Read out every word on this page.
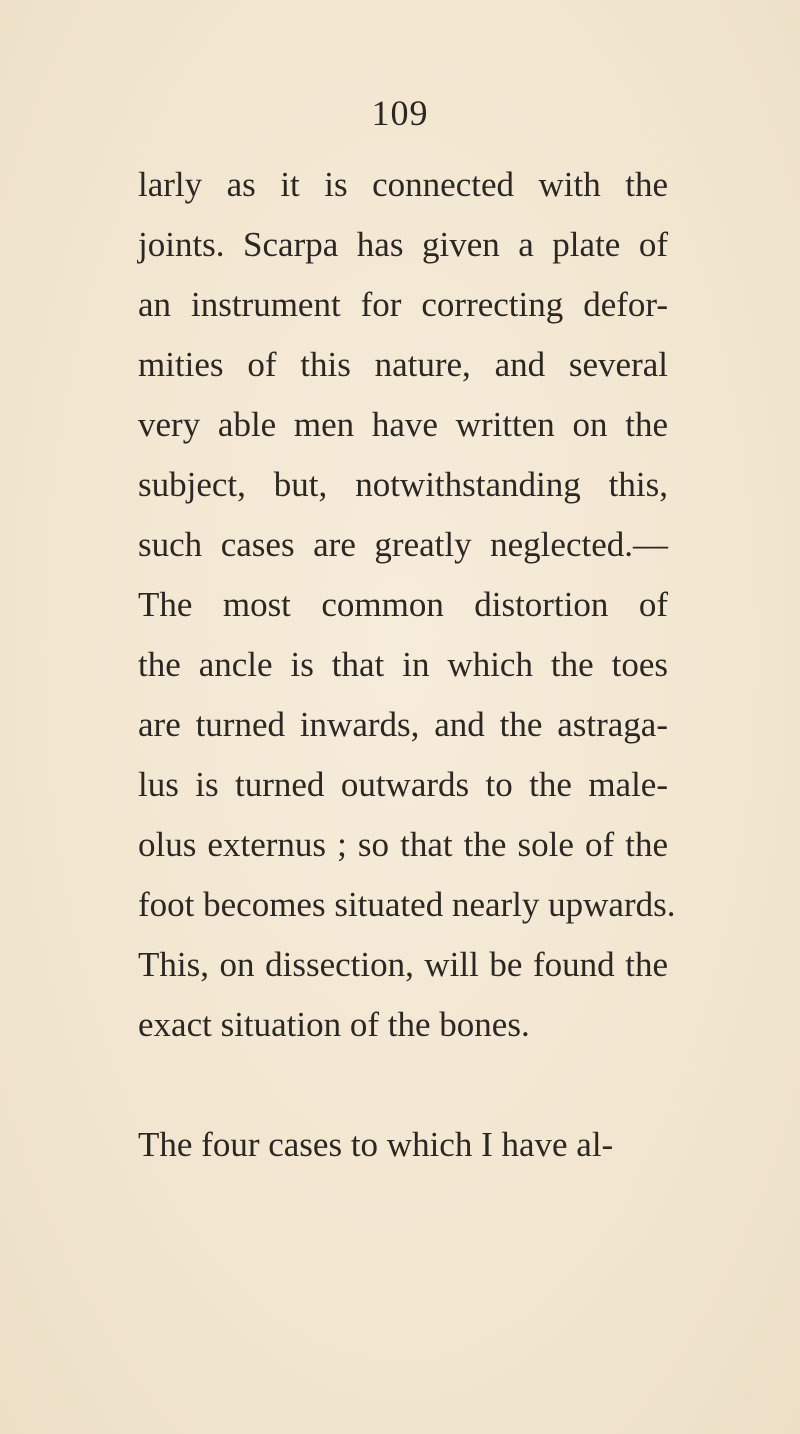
109
larly as it is connected with the
joints. Scarpa has given a plate of
an instrument for correcting defor-
mities of this nature, and several
very able men have written on the
subject, but, notwithstanding this,
such cases are greatly neglected.—
The most common distortion of
the ancle is that in which the toes
are turned inwards, and the astraga-
lus is turned outwards to the male-
olus externus ; so that the sole of the
foot becomes situated nearly upwards.
This, on dissection, will be found the
exact situation of the bones.
The four cases to which I have al-
